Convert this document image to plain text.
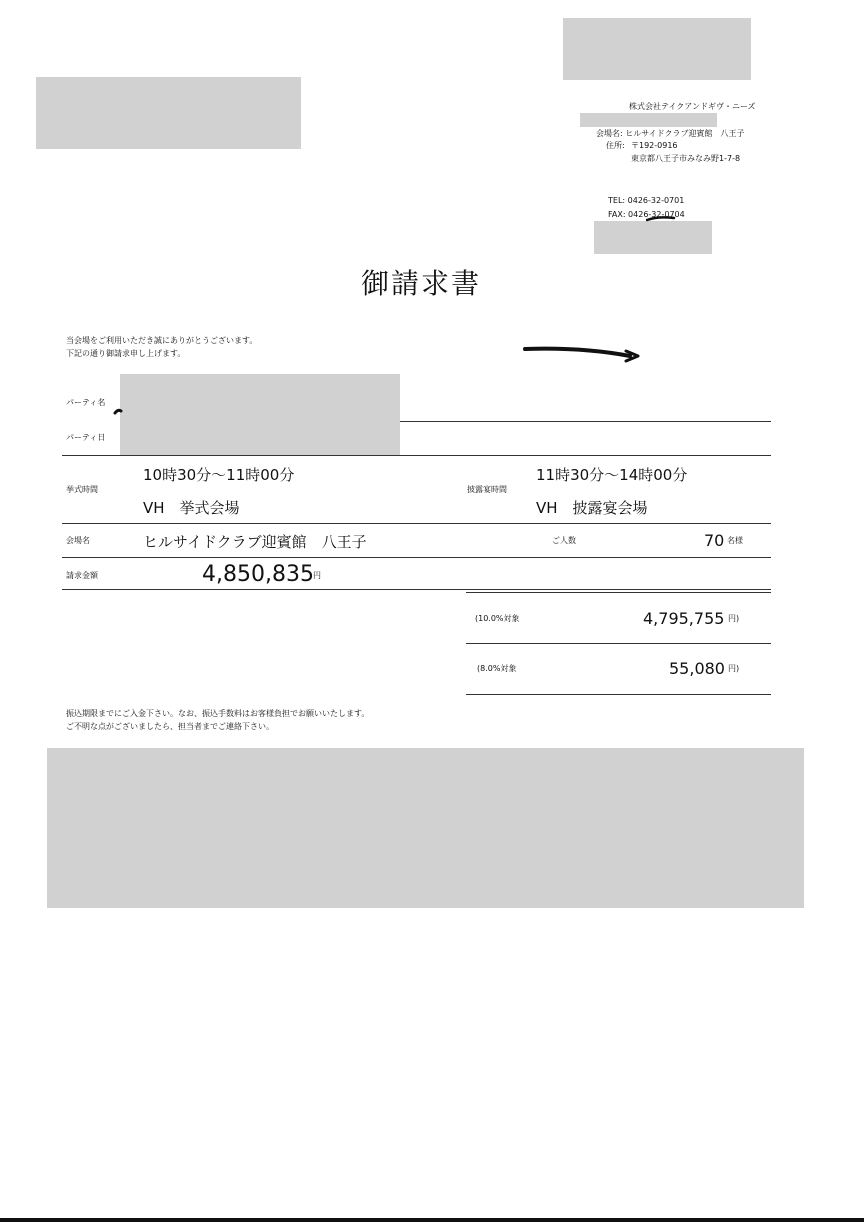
株式会社テイクアンドギヴ・ニーズ
会場名: ヒルサイドクラブ迎賓館　八王子
住所: 〒192-0916
東京都八王子市みなみ野1-7-8
TEL: 0426-32-0701
FAX: 0426-32-0704
御請求書
当会場をご利用いただき誠にありがとうございます。
下記の通り御請求申し上げます。
パーティ名
パーティ日
挙式時間
10時30分～11時00分
VH　挙式会場
披露宴時間
11時30分～14時00分
VH　披露宴会場
会場名	ヒルサイドクラブ迎賓館　八王子	ご人数	70 名様
請求金額	4,850,835 円
(10.0%対象	4,795,755 円)
(8.0%対象	55,080 円)
振込期限までにご入金下さい。なお、振込手数料はお客様負担でお願いいたします。
ご不明な点がございましたら、担当者までご連絡下さい。
